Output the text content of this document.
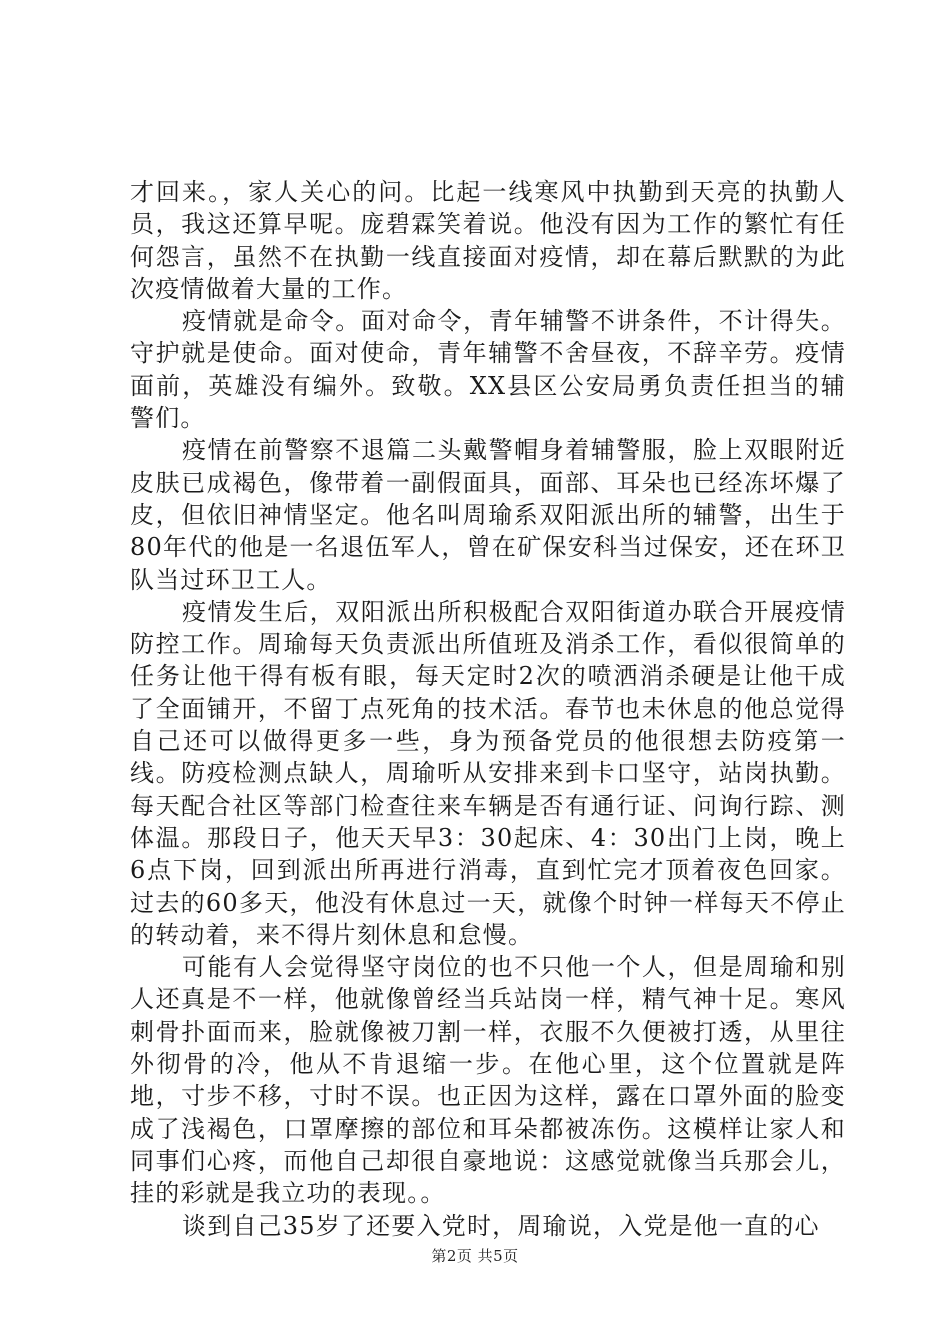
才回来。，家人关心的问。比起一线寒风中执勤到天亮的执勤人员，我这还算早呢。庞碧霖笑着说。他没有因为工作的繁忙有任何怨言，虽然不在执勤一线直接面对疫情，却在幕后默默的为此次疫情做着大量的工作。

疫情就是命令。面对命令，青年辅警不讲条件，不计得失。守护就是使命。面对使命，青年辅警不舍昼夜，不辞辛劳。疫情面前，英雄没有编外。致敬。XX县区公安局勇负责任担当的辅警们。

疫情在前警察不退篇二头戴警帽身着辅警服，脸上双眼附近皮肤已成褐色，像带着一副假面具，面部、耳朵也已经冻坏爆了皮，但依旧神情坚定。他名叫周瑜系双阳派出所的辅警，出生于80年代的他是一名退伍军人，曾在矿保安科当过保安，还在环卫队当过环卫工人。

疫情发生后，双阳派出所积极配合双阳街道办联合开展疫情防控工作。周瑜每天负责派出所值班及消杀工作，看似很简单的任务让他干得有板有眼，每天定时2次的喷洒消杀硬是让他干成了全面铺开，不留丁点死角的技术活。春节也未休息的他总觉得自己还可以做得更多一些，身为预备党员的他很想去防疫第一线。防疫检测点缺人，周瑜听从安排来到卡口坚守，站岗执勤。每天配合社区等部门检查往来车辆是否有通行证、问询行踪、测体温。那段日子，他天天早3：30起床、4：30出门上岗，晚上6点下岗，回到派出所再进行消毒，直到忙完才顶着夜色回家。过去的60多天，他没有休息过一天，就像个时钟一样每天不停止的转动着，来不得片刻休息和怠慢。

可能有人会觉得坚守岗位的也不只他一个人，但是周瑜和别人还真是不一样，他就像曾经当兵站岗一样，精气神十足。寒风刺骨扑面而来，脸就像被刀割一样，衣服不久便被打透，从里往外彻骨的冷，他从不肯退缩一步。在他心里，这个位置就是阵地，寸步不移，寸时不误。也正因为这样，露在口罩外面的脸变成了浅褐色，口罩摩擦的部位和耳朵都被冻伤。这模样让家人和同事们心疼，而他自己却很自豪地说：这感觉就像当兵那会儿，挂的彩就是我立功的表现。。

谈到自己35岁了还要入党时，周瑜说，入党是他一直的心

第2页 共5页
